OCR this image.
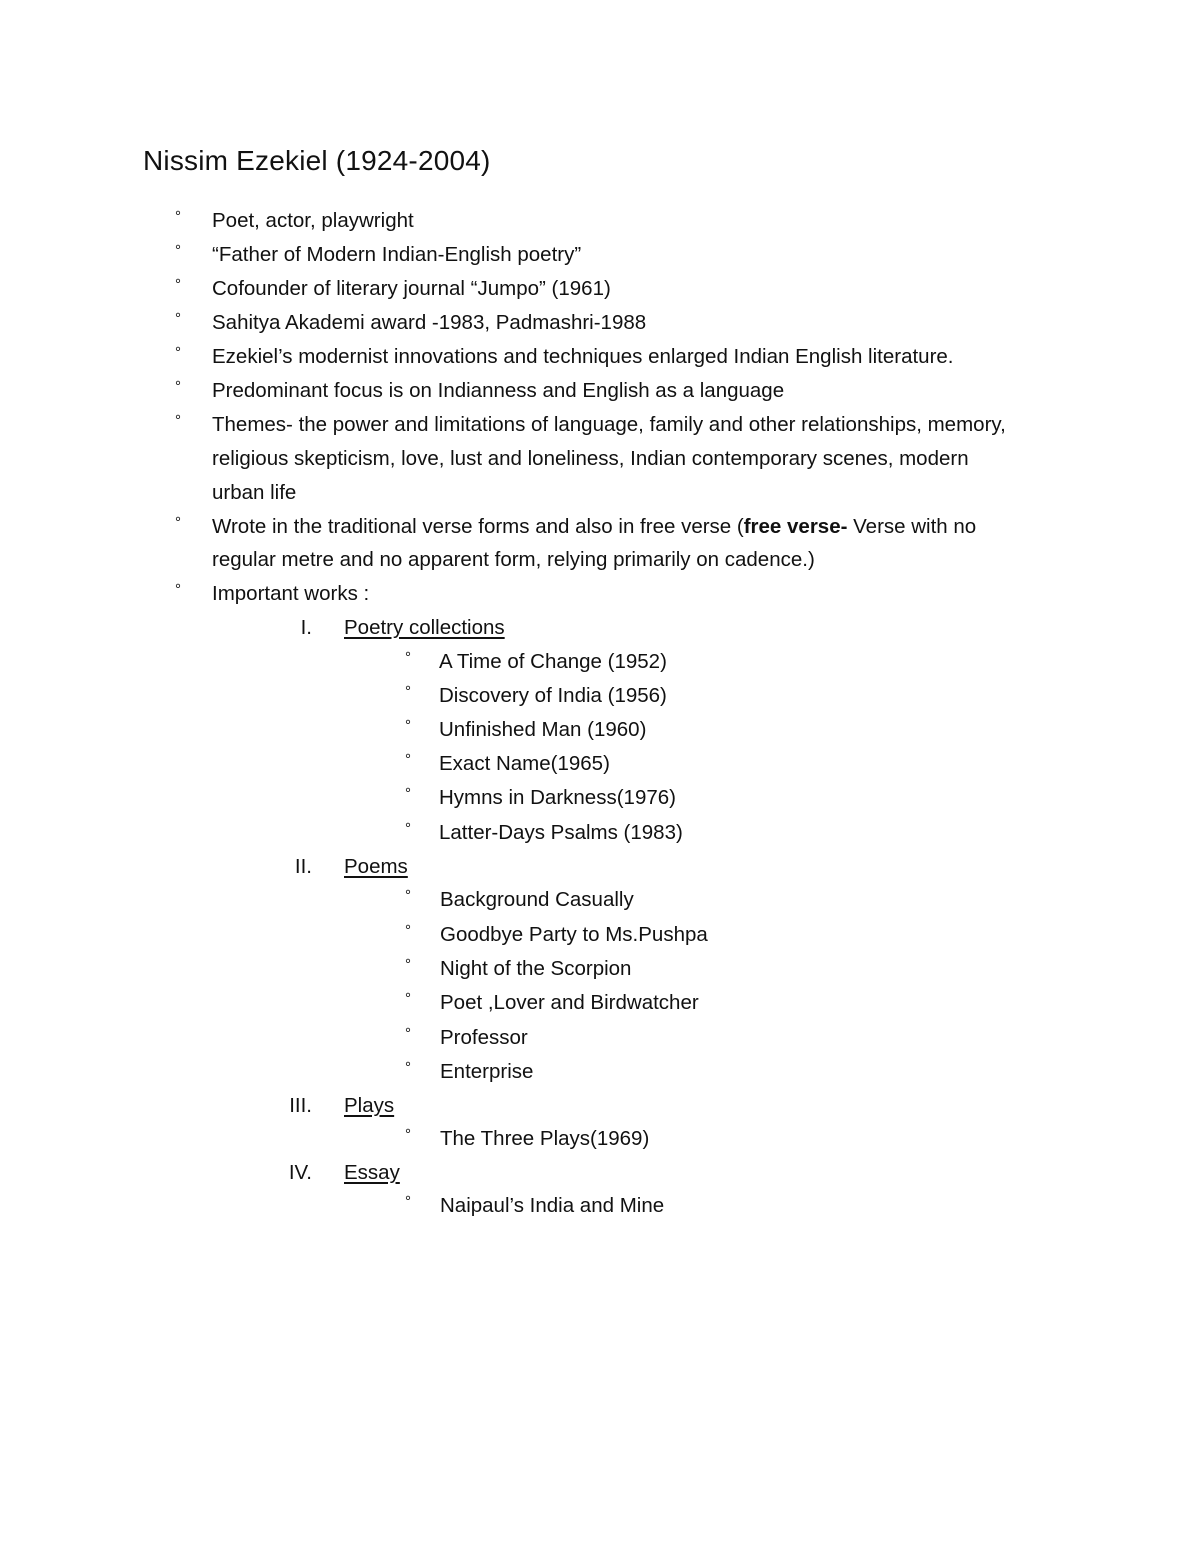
Nissim Ezekiel (1924-2004)
° Poet, actor, playwright
° “Father of Modern Indian-English poetry”
° Cofounder of literary journal “Jumpo” (1961)
° Sahitya Akademi award -1983, Padmashri-1988
° Ezekiel’s modernist innovations and techniques enlarged Indian English literature.
° Predominant focus is on Indianness and English as a language
° Themes- the power and limitations of language, family and other relationships, memory,
religious skepticism, love, lust and loneliness, Indian contemporary scenes, modern
urban life
° Wrote in the traditional verse forms and also in free verse (free verse- Verse with no
regular metre and no apparent form, relying primarily on cadence.)
° Important works :
I. Poetry collections
° A Time of Change (1952)
° Discovery of India (1956)
° Unfinished Man (1960)
° Exact Name(1965)
° Hymns in Darkness(1976)
° Latter-Days Psalms (1983)
II. Poems
° Background Casually
° Goodbye Party to Ms.Pushpa
° Night of the Scorpion
° Poet ,Lover and Birdwatcher
° Professor
° Enterprise
III. Plays
° The Three Plays(1969)
IV. Essay
° Naipaul’s India and Mine
